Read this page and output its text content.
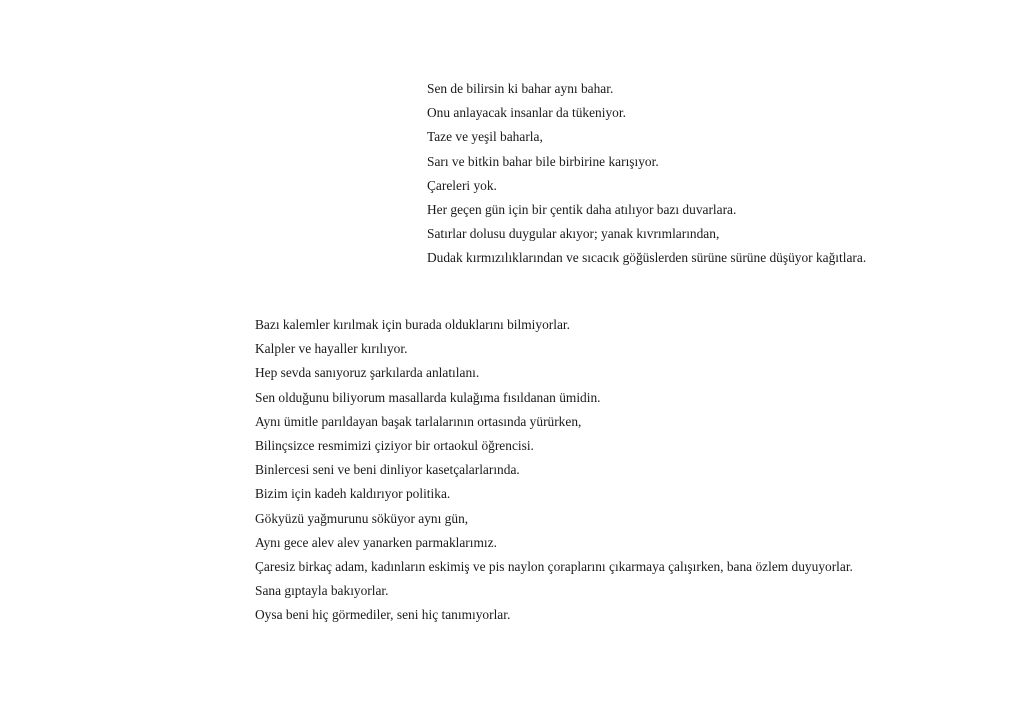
Sen de bilirsin ki bahar aynı bahar.
Onu anlayacak insanlar da tükeniyor.
Taze ve yeşil baharla,
Sarı ve bitkin bahar bile birbirine karışıyor.
Çareleri yok.
Her geçen gün için bir çentik daha atılıyor bazı duvarlara.
Satırlar dolusu duygular akıyor; yanak kıvrımlarından,
Dudak kırmızılıklarından ve sıcacık göğüslerden sürüne sürüne düşüyor kağıtlara.
Bazı kalemler kırılmak için burada olduklarını bilmiyorlar.
Kalpler ve hayaller kırılıyor.
Hep sevda sanıyoruz şarkılarda anlatılanı.
Sen olduğunu biliyorum masallarda kulağıma fısıldanan ümidin.
Aynı ümitle parıldayan başak tarlalarının ortasında yürürken,
Bilinçsizce resmimizi çiziyor bir ortaokul öğrencisi.
Binlercesi seni ve beni dinliyor kasetçalarlarında.
Bizim için kadeh kaldırıyor politika.
Gökyüzü yağmurunu söküyor aynı gün,
Aynı gece alev alev yanarken parmaklarımız.
Çaresiz birkaç adam, kadınların eskimiş ve pis naylon çoraplarını çıkarmaya çalışırken, bana özlem duyuyorlar.
Sana gıptayla bakıyorlar.
Oysa beni hiç görmediler, seni hiç tanımıyorlar.
